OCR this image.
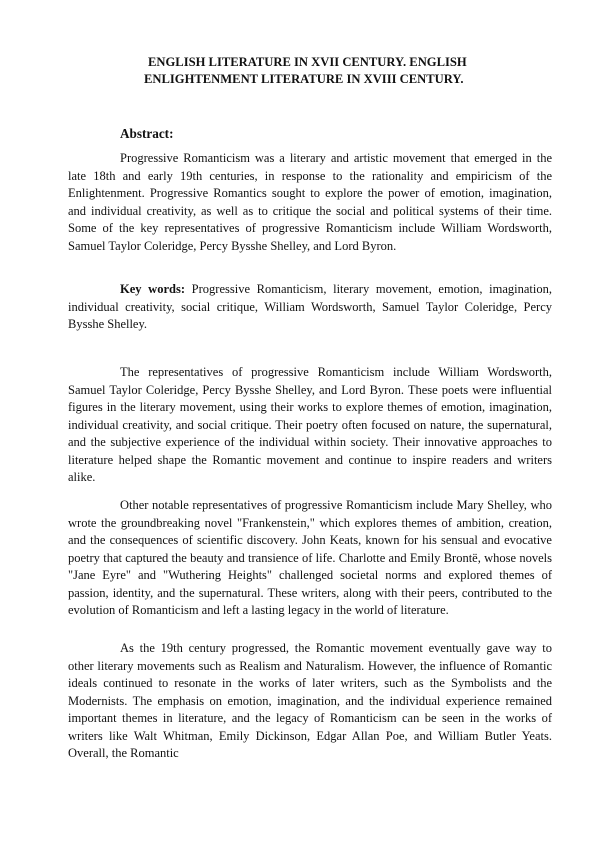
ENGLISH LITERATURE IN XVII CENTURY. ENGLISH
ENLIGHTENMENT LITERATURE IN XVIII CENTURY.
Abstract:

Progressive Romanticism was a literary and artistic movement that emerged in the late 18th and early 19th centuries, in response to the rationality and empiricism of the Enlightenment. Progressive Romantics sought to explore the power of emotion, imagination, and individual creativity, as well as to critique the social and political systems of their time. Some of the key representatives of progressive Romanticism include William Wordsworth, Samuel Taylor Coleridge, Percy Bysshe Shelley, and Lord Byron.

Key words: Progressive Romanticism, literary movement, emotion, imagination, individual creativity, social critique, William Wordsworth, Samuel Taylor Coleridge, Percy Bysshe Shelley.

The representatives of progressive Romanticism include William Wordsworth, Samuel Taylor Coleridge, Percy Bysshe Shelley, and Lord Byron. These poets were influential figures in the literary movement, using their works to explore themes of emotion, imagination, individual creativity, and social critique. Their poetry often focused on nature, the supernatural, and the subjective experience of the individual within society. Their innovative approaches to literature helped shape the Romantic movement and continue to inspire readers and writers alike.

Other notable representatives of progressive Romanticism include Mary Shelley, who wrote the groundbreaking novel "Frankenstein," which explores themes of ambition, creation, and the consequences of scientific discovery. John Keats, known for his sensual and evocative poetry that captured the beauty and transience of life. Charlotte and Emily Brontë, whose novels "Jane Eyre" and "Wuthering Heights" challenged societal norms and explored themes of passion, identity, and the supernatural. These writers, along with their peers, contributed to the evolution of Romanticism and left a lasting legacy in the world of literature.

As the 19th century progressed, the Romantic movement eventually gave way to other literary movements such as Realism and Naturalism. However, the influence of Romantic ideals continued to resonate in the works of later writers, such as the Symbolists and the Modernists. The emphasis on emotion, imagination, and the individual experience remained important themes in literature, and the legacy of Romanticism can be seen in the works of writers like Walt Whitman, Emily Dickinson, Edgar Allan Poe, and William Butler Yeats. Overall, the Romantic
